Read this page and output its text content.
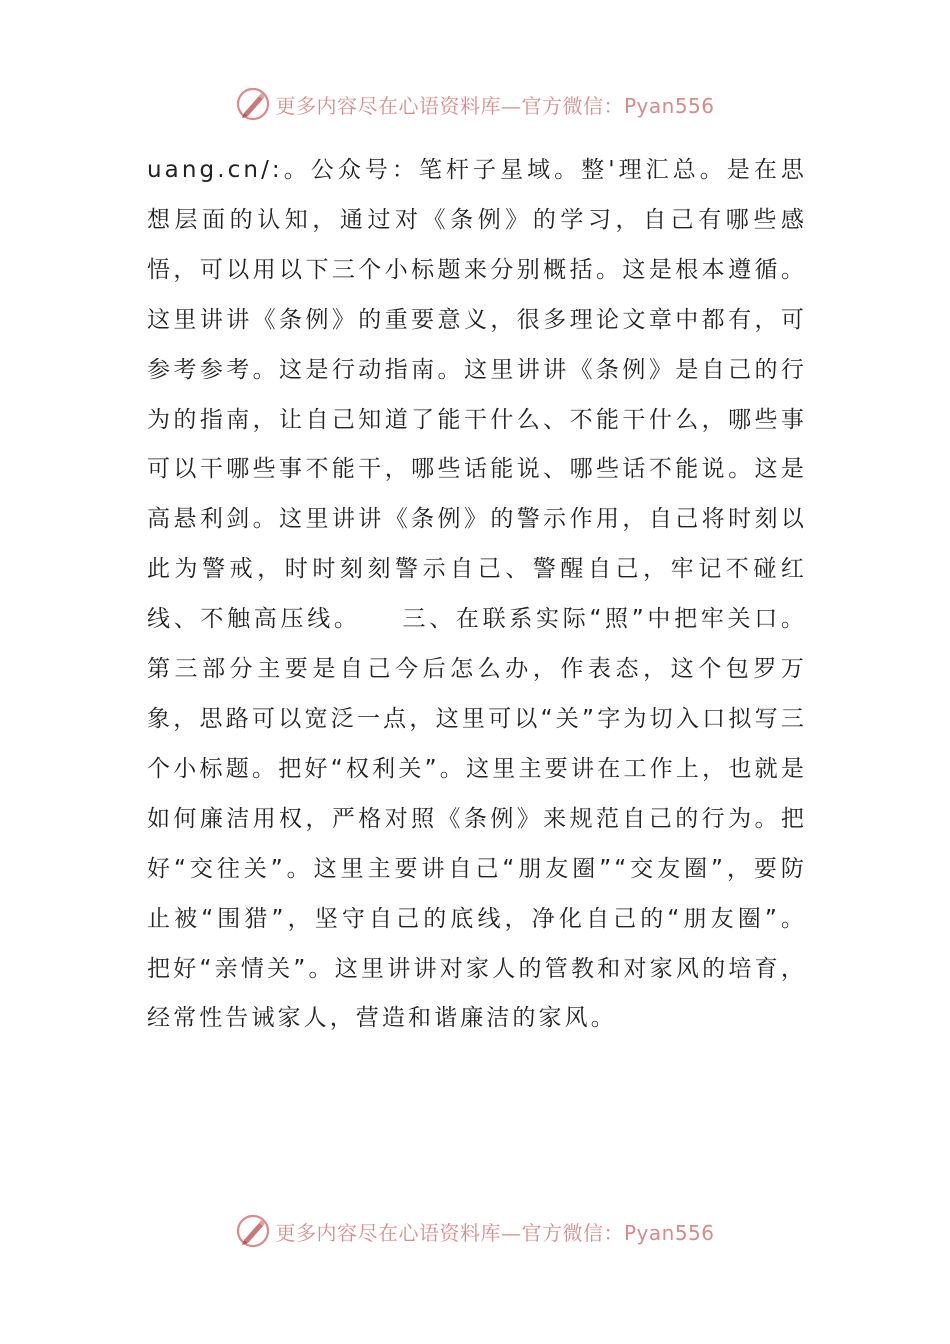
更多内容尽在心语资料库—官方微信：Pyan556

uang.cn/:。公众号：笔杆子星域。整'理汇总。是在思想层面的认知，通过对《条例》的学习，自己有哪些感悟，可以用以下三个小标题来分别概括。这是根本遵循。这里讲讲《条例》的重要意义，很多理论文章中都有，可参考参考。这是行动指南。这里讲讲《条例》是自己的行为的指南，让自己知道了能干什么、不能干什么，哪些事可以干哪些事不能干，哪些话能说、哪些话不能说。这是高悬利剑。这里讲讲《条例》的警示作用，自己将时刻以此为警戒，时时刻刻警示自己、警醒自己，牢记不碰红线、不触高压线。　　三、在联系实际“照”中把牢关口。第三部分主要是自己今后怎么办，作表态，这个包罗万象，思路可以宽泛一点，这里可以“关”字为切入口拟写三个小标题。把好“权利关”。这里主要讲在工作上，也就是如何廉洁用权，严格对照《条例》来规范自己的行为。把好“交往关”。这里主要讲自己“朋友圈”“交友圈”，要防止被“围猎”，坚守自己的底线，净化自己的“朋友圈”。把好“亲情关”。这里讲讲对家人的管教和对家风的培育，经常性告诫家人，营造和谐廉洁的家风。

更多内容尽在心语资料库—官方微信：Pyan556
